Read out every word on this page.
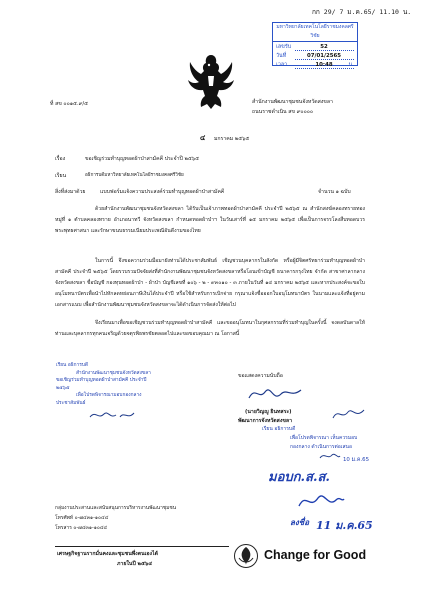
กก 29/ 7 ม.ค.65/ 11.10 น.
มหาวิทยาลัยเทคโนโลยีราชมงคลศรีวิชัย
เลขรับ	52
วันที่	07/01/2565
เวลา	10:48	น.
ที่ สข ๐๐๑๕.๙/๕	สำนักงานพัฒนาชุมชนจังหวัดสงขลา
ถนนราชดำเนิน สข ๙๐๐๐๐
๔ มกราคม ๒๕๖๕
เรื่อง	ขอเชิญร่วมทำบุญทอดผ้าป่าสามัคคี ประจำปี ๒๕๖๕
เรียน	อธิการบดีมหาวิทยาลัยเทคโนโลยีราชมงคลศรีวิชัย
สิ่งที่ส่งมาด้วย	แบบฟอร์มแจ้งความประสงค์ร่วมทำบุญทอดผ้าป่าสามัคคี	จำนวน ๑ ฉบับ
ด้วยสำนักงานพัฒนาชุมชนจังหวัดสงขลา ได้รับเป็นเจ้าภาพทอดผ้าป่าสามัคคี ประจำปี ๒๕๖๕ ณ สำนักสงฆ์คลองทรายทอง หมู่ที่ ๑ ตำบลคลองทราย อำเภอนาทวี จังหวัดสงขลา กำหนดทอดผ้าป่าฯ ในวันเสาร์ที่ ๑๕ มกราคม ๒๕๖๕ เพื่อเป็นการจรรโลงสืบทอดบวรพระพุทธศาสนา และรักษาขนบธรรมเนียมประเพณีอันดีงามของไทย
ในการนี้ จึงขอความร่วมมือมายังท่านได้ประชาสัมพันธ์ เชิญชวนบุคลากรในสังกัด หรือผู้มีจิตศรัทธาร่วมทำบุญทอดผ้าป่าสามัคคี ประจำปี ๒๕๖๕ โดยรวบรวมปัจจัยส่งที่สำนักงานพัฒนาชุมชนจังหวัดสงขลาหรือโอนเข้าบัญชี ธนาคารกรุงไทย จำกัด สาขาศาลากลางจังหวัดสงขลา ชื่อบัญชี กองทุนทอดผ้าป่า - ผ้าป่า บัญชีเลขที่ ๑๐๖ - ๒ - ๙๓๐๑๐ - ๓ ภายในวันที่ ๑๔ มกราคม ๒๕๖๕ และหากประสงค์จะขอใบอนุโมทนาบัตรเพื่อนำไปหักลดหย่อนภาษีเงินได้ประจำปี หรือใช้สำหรับการเบิกจ่าย กรุณาแจ้งชื่อออกใบอนุโมทนาบัตร ในนามและแจ้งที่อยู่ตามเอกสารแนบ เพื่อสำนักงานพัฒนาชุมชนจังหวัดสงขลาจะได้ดำเนินการจัดส่งให้ต่อไป
จึงเรียนมาเพื่อขอเชิญชวนร่วมทำบุญทอดผ้าป่าสามัคคี และขออนุโมทนาในกุศลกรรมที่ร่วมทำบุญในครั้งนี้ จงดลบันดาลให้ท่านและบุคลากรทุกคนเจริญด้วยจตุรพิธพรชัยตลอดไปและขอขอบคุณมา ณ โอกาสนี้
เรียน อธิการบดี
สำนักงานพัฒนาชุมชนจังหวัดสงขลา
ขอเชิญร่วมทำบุญทอดผ้าป่าสามัคคี ประจำปี
๒๕๖๕
เพื่อโปรดพิจารณามอบกองกลาง
ประชาสัมพันธ์
ขอแสดงความนับถือ
(นายวิญญู ยินทสระ)
พัฒนาการจังหวัดสงขลา
เรียน อธิการบดี
เพื่อโปรดพิจารณา เห็นควรมอบ
กองกลาง ดำเนินการต่อเสนอ
10 ม.ค.65
มอบก.ส.ส.
ลงชื่อ 11 ม.ค.65
กลุ่มงานประสานและสนับสนุนการบริหารงานพัฒนาชุมชน
โทรศัพท์ ๐-๗๔๓๑-๑๐๔๔
โทรสาร ๐-๗๔๓๑-๑๐๔๔
เศรษฐกิจฐานรากมั่นคงและชุมชนพึ่งตนเองได้
ภายในปี ๒๕๖๔
Change for Good
